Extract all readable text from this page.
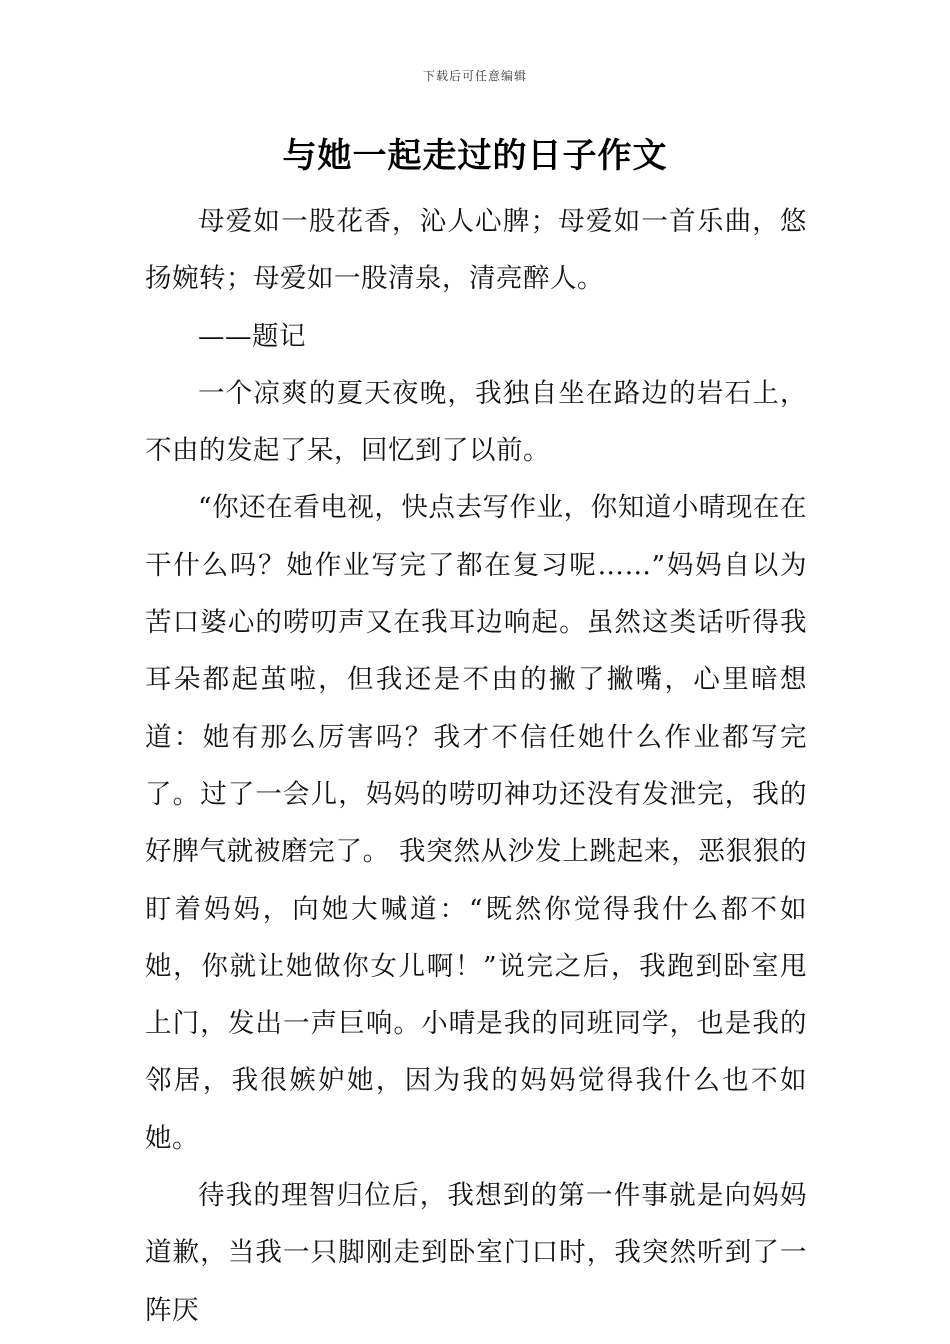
下载后可任意编辑
与她一起走过的日子作文

母爱如一股花香，沁人心脾；母爱如一首乐曲，悠扬婉转；母爱如一股清泉，清亮醉人。

——题记

一个凉爽的夏天夜晚，我独自坐在路边的岩石上，不由的发起了呆，回忆到了以前。

“你还在看电视，快点去写作业，你知道小晴现在在干什么吗？她作业写完了都在复习呢……”妈妈自以为苦口婆心的唠叨声又在我耳边响起。虽然这类话听得我耳朵都起茧啦，但我还是不由的撇了撇嘴，心里暗想道：她有那么厉害吗？我才不信任她什么作业都写完了。过了一会儿，妈妈的唠叨神功还没有发泄完，我的好脾气就被磨完了。 我突然从沙发上跳起来，恶狠狠的盯着妈妈，向她大喊道：“既然你觉得我什么都不如她，你就让她做你女儿啊！”说完之后，我跑到卧室甩上门，发出一声巨响。小晴是我的同班同学，也是我的邻居，我很嫉妒她，因为我的妈妈觉得我什么也不如她。

待我的理智归位后，我想到的第一件事就是向妈妈道歉，当我一只脚刚走到卧室门口时，我突然听到了一阵厌
